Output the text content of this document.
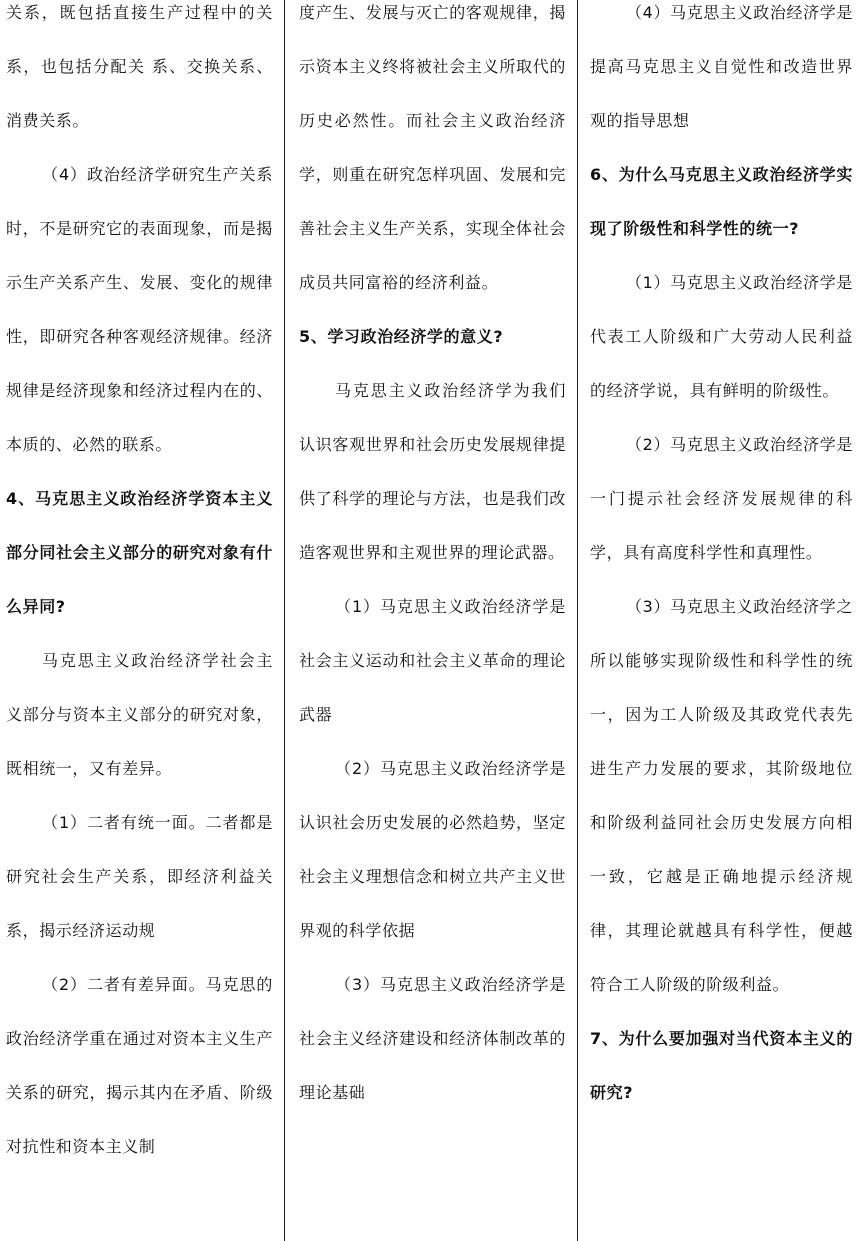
关系，既包括直接生产过程中的关系，也包括分配关 系、交换关系、消费关系。

（4）政治经济学研究生产关系时，不是研究它的表面现象，而是揭示生产关系产生、发展、变化的规律性，即研究各种客观经济规律。经济规律是经济现象和经济过程内在的、本质的、必然的联系。

4、马克思主义政治经济学资本主义部分同社会主义部分的研究对象有什么异同?

马克思主义政治经济学社会主义部分与资本主义部分的研究对象，既相统一，又有差异。

（1）二者有统一面。二者都是研究社会生产关系，即经济利益关系，揭示经济运动规

（2）二者有差异面。马克思的政治经济学重在通过对资本主义生产关系的研究，揭示其内在矛盾、阶级对抗性和资本主义制

度产生、发展与灭亡的客观规律，揭示资本主义终将被社会主义所取代的历史必然性。而社会主义政治经济学，则重在研究怎样巩固、发展和完善社会主义生产关系，实现全体社会成员共同富裕的经济利益。

5、学习政治经济学的意义?

马克思主义政治经济学为我们认识客观世界和社会历史发展规律提供了科学的理论与方法，也是我们改造客观世界和主观世界的理论武器。

（1）马克思主义政治经济学是社会主义运动和社会主义革命的理论武器

（2）马克思主义政治经济学是认识社会历史发展的必然趋势，坚定社会主义理想信念和树立共产主义世界观的科学依据

（3）马克思主义政治经济学是社会主义经济建设和经济体制改革的理论基础

（4）马克思主义政治经济学是提高马克思主义自觉性和改造世界观的指导思想

6、为什么马克思主义政治经济学实现了阶级性和科学性的统一?

（1）马克思主义政治经济学是代表工人阶级和广大劳动人民利益的经济学说，具有鲜明的阶级性。

（2）马克思主义政治经济学是一门提示社会经济发展规律的科学，具有高度科学性和真理性。

（3）马克思主义政治经济学之所以能够实现阶级性和科学性的统一，因为工人阶级及其政党代表先进生产力发展的要求，其阶级地位和阶级利益同社会历史发展方向相一致，它越是正确地提示经济规律，其理论就越具有科学性，便越符合工人阶级的阶级利益。

7、为什么要加强对当代资本主义的研究?
